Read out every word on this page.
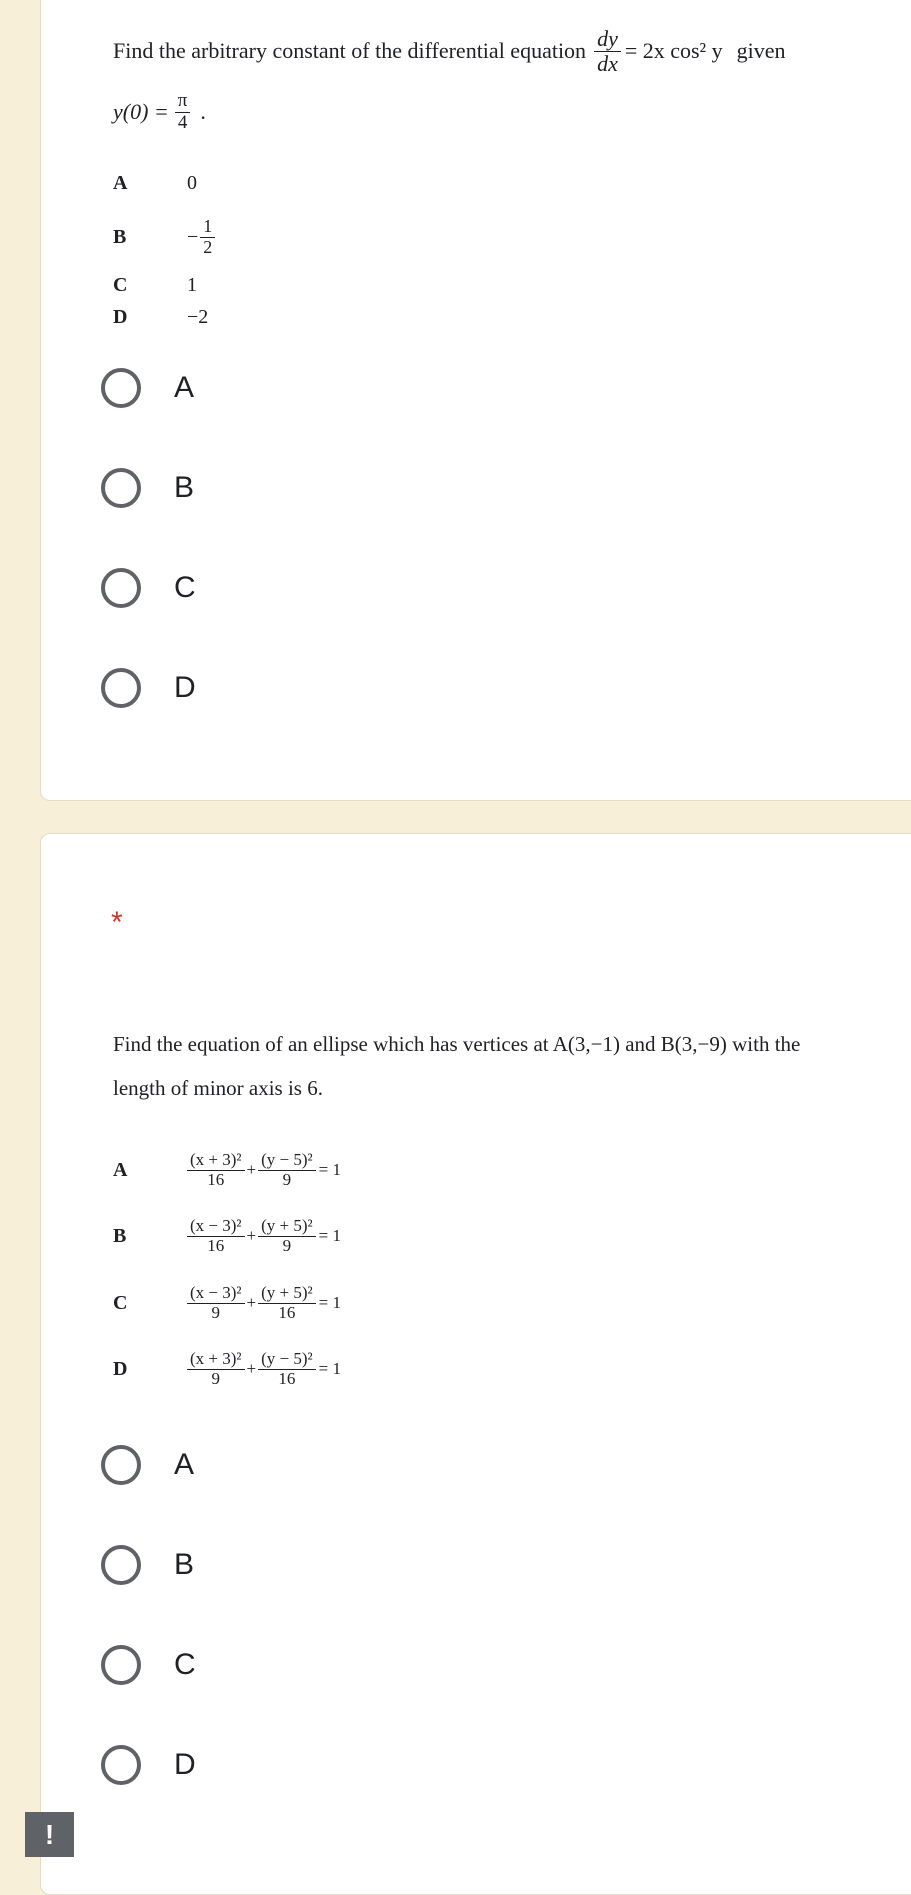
Find the arbitrary constant of the differential equation $\frac{dy}{dx} = 2x$ cos² y given
$y(0) = \frac{\pi}{4}$ .
A	0
B	− $\frac{1}{2}$
C	1
D	−2
A
B
C
D
*
Find the equation of an ellipse which has vertices at A(3,−1) and B(3,−9) with the
length of minor axis is 6.
A	$\frac{\text{(x + 3)²}}{16} + \frac{\text{(y − 5)²}}{9} = 1$
B	$\frac{\text{(x − 3)²}}{16} + \frac{\text{(y + 5)²}}{9} = 1$
C	$\frac{\text{(x − 3)²}}{9} + \frac{\text{(y + 5)²}}{16} = 1$
D	$\frac{\text{(x + 3)²}}{9} + \frac{\text{(y − 5)²}}{16} = 1$
A
B
C
D
!
